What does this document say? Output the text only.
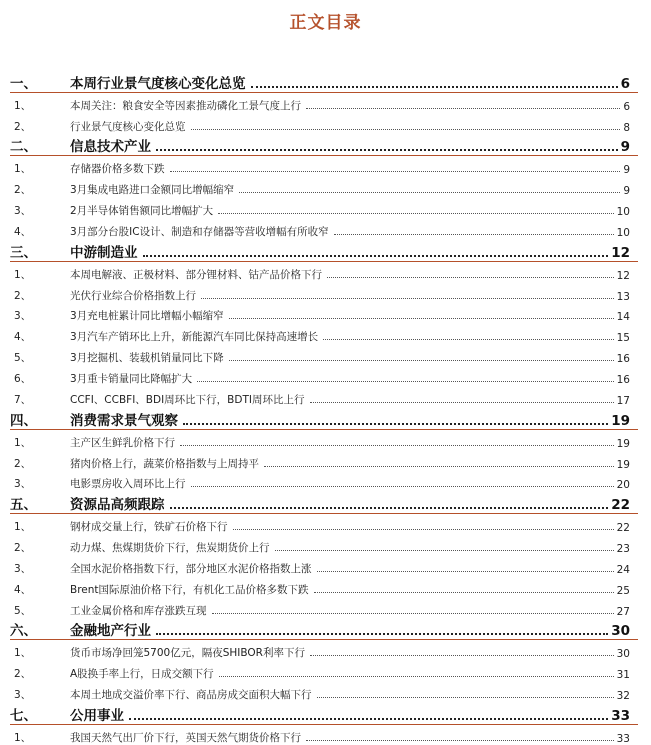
正文目录
一、	本周行业景气度核心变化总览	6
1、	本周关注：粮食安全等因素推动磷化工景气度上行	6
2、	行业景气度核心变化总览	8
二、	信息技术产业	9
1、	存储器价格多数下跌	9
2、	3月集成电路进口金额同比增幅缩窄	9
3、	2月半导体销售额同比增幅扩大	10
4、	3月部分台股IC设计、制造和存储器等营收增幅有所收窄	10
三、	中游制造业	12
1、	本周电解液、正极材料、部分锂材料、钴产品价格下行	12
2、	光伏行业综合价格指数上行	13
3、	3月充电桩累计同比增幅小幅缩窄	14
4、	3月汽车产销环比上升，新能源汽车同比保持高速增长	15
5、	3月挖掘机、装载机销量同比下降	16
6、	3月重卡销量同比降幅扩大	16
7、	CCFI、CCBFI、BDI周环比下行，BDTI周环比上行	17
四、	消费需求景气观察	19
1、	主产区生鲜乳价格下行	19
2、	猪肉价格上行，蔬菜价格指数与上周持平	19
3、	电影票房收入周环比上行	20
五、	资源品高频跟踪	22
1、	钢材成交量上行，铁矿石价格下行	22
2、	动力煤、焦煤期货价下行，焦炭期货价上行	23
3、	全国水泥价格指数下行，部分地区水泥价格指数上涨	24
4、	Brent国际原油价格下行，有机化工品价格多数下跌	25
5、	工业金属价格和库存涨跌互现	27
六、	金融地产行业	30
1、	货币市场净回笼5700亿元，隔夜SHIBOR利率下行	30
2、	A股换手率上行，日成交额下行	31
3、	本周土地成交溢价率下行、商品房成交面积大幅下行	32
七、	公用事业	33
1、	我国天然气出厂价下行，英国天然气期货价格下行	33
